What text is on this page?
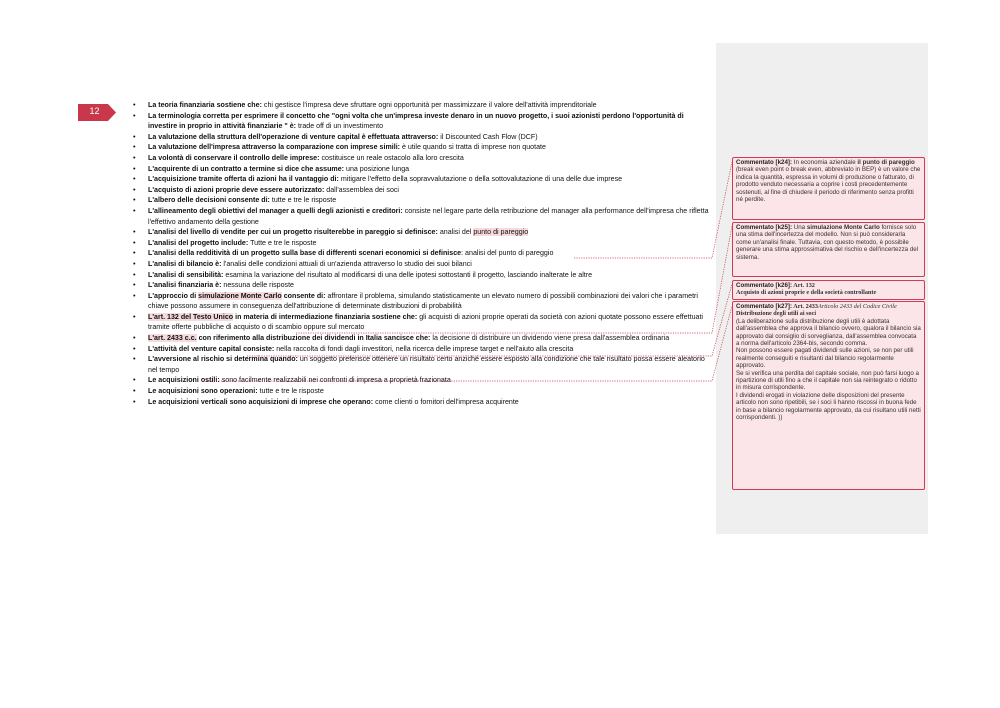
12
• La teoria finanziaria sostiene che: chi gestisce l'impresa deve sfruttare ogni opportunità per massimizzare il valore dell'attività imprenditoriale
• La terminologia corretta per esprimere il concetto che "ogni volta che un'impresa investe denaro in un nuovo progetto, i suoi azionisti perdono l'opportunità di investire in proprio in attività finanziarie " è: trade off di un investimento
• La valutazione della struttura dell'operazione di venture capital è effettuata attraverso: il Discounted Cash Flow (DCF)
• La valutazione dell'impresa attraverso la comparazione con imprese simili: è utile quando si tratta di imprese non quotate
• La volontà di conservare il controllo delle imprese: costituisce un reale ostacolo alla loro crescita
• L'acquirente di un contratto a termine si dice che assume: una posizione lunga
• L'acquisizione tramite offerta di azioni ha il vantaggio di: mitigare l'effetto della sopravvalutazione o della sottovalutazione di una delle due imprese
• L'acquisto di azioni proprie deve essere autorizzato: dall'assemblea dei soci
• L'albero delle decisioni consente di: tutte e tre le risposte
• L'allineamento degli obiettivi del manager a quelli degli azionisti e creditori: consiste nel legare parte della retribuzione del manager alla performance dell'impresa che rifletta l'effettivo andamento della gestione
• L'analisi del livello di vendite per cui un progetto risulterebbe in pareggio si definisce: analisi del punto di pareggio
• L'analisi del progetto include: Tutte e tre le risposte
• L'analisi della redditività di un progetto sulla base di differenti scenari economici si definisce: analisi del punto di pareggio
• L'analisi di bilancio è: l'analisi delle condizioni attuali di un'azienda attraverso lo studio dei suoi bilanci
• L'analisi di sensibilità: esamina la variazione del risultato al modificarsi di una delle ipotesi sottostanti il progetto, lasciando inalterate le altre
• L'analisi finanziaria è: nessuna delle risposte
• L'approccio di simulazione Monte Carlo consente di: affrontare il problema, simulando statisticamente un elevato numero di possibili combinazioni dei valori che i parametri chiave possono assumere in conseguenza dell'attribuzione di determinate distribuzioni di probabilità
• L'art. 132 del Testo Unico in materia di intermediazione finanziaria sostiene che: gli acquisti di azioni proprie operati da società con azioni quotate possono essere effettuati tramite offerte pubbliche di acquisto o di scambio oppure sul mercato
• L'art. 2433 c.c. con riferimento alla distribuzione dei dividendi in Italia sancisce che: la decisione di distribuire un dividendo viene presa dall'assemblea ordinaria
• L'attività del venture capital consiste: nella raccolta di fondi dagli investitori, nella ricerca delle imprese target e nell'aiuto alla crescita
• L'avversione al rischio si determina quando: un soggetto preferisce ottenere un risultato certo anziché essere esposto alla condizione che tale risultato possa essere aleatorio nel tempo
• Le acquisizioni ostili: sono facilmente realizzabili nei confronti di impresa a proprietà frazionata
• Le acquisizioni sono operazioni: tutte e tre le risposte
• Le acquisizioni verticali sono acquisizioni di imprese che operano: come clienti o fornitori dell'impresa acquirente
Commentato [k24]: In economia aziendale il punto di pareggio (break even point o break even, abbreviato in BEP) è un valore che indica la quantità, espressa in volumi di produzione o fatturato, di prodotto venduto necessaria a coprire i costi precedentemente sostenuti, al fine di chiudere il periodo di riferimento senza profitti né perdite.
Commentato [k25]: Una simulazione Monte Carlo fornisce solo una stima dell'incertezza del modello. Non si può considerarla come un'analisi finale. Tuttavia, con questo metodo, è possibile generare una stima approssimativa del rischio e dell'incertezza del sistema.
Commentato [k26]: Art. 132
Acquisto di azioni proprie e della società controllante
Commentato [k27]: Art. 2433Articolo 2433 del Codice Civile
Distribuzione degli utili ai soci
(La deliberazione sulla distribuzione degli utili è adottata dall'assemblea che approva il bilancio ovvero, qualora il bilancio sia approvato dal consiglio di sorveglianza, dall'assemblea convocata a norma dell'articolo 2364-bis, secondo comma.
Non possono essere pagati dividendi sulle azioni, se non per utili realmente conseguiti e risultanti dal bilancio regolarmente approvato.
Se si verifica una perdita del capitale sociale, non può farsi luogo a ripartizione di utili fino a che il capitale non sia reintegrato o ridotto in misura corrispondente.
I dividendi erogati in violazione delle disposizioni del presente articolo non sono ripetibili, se i soci li hanno riscossi in buona fede in base a bilancio regolarmente approvato, da cui risultano utili netti corrispondenti. ))
